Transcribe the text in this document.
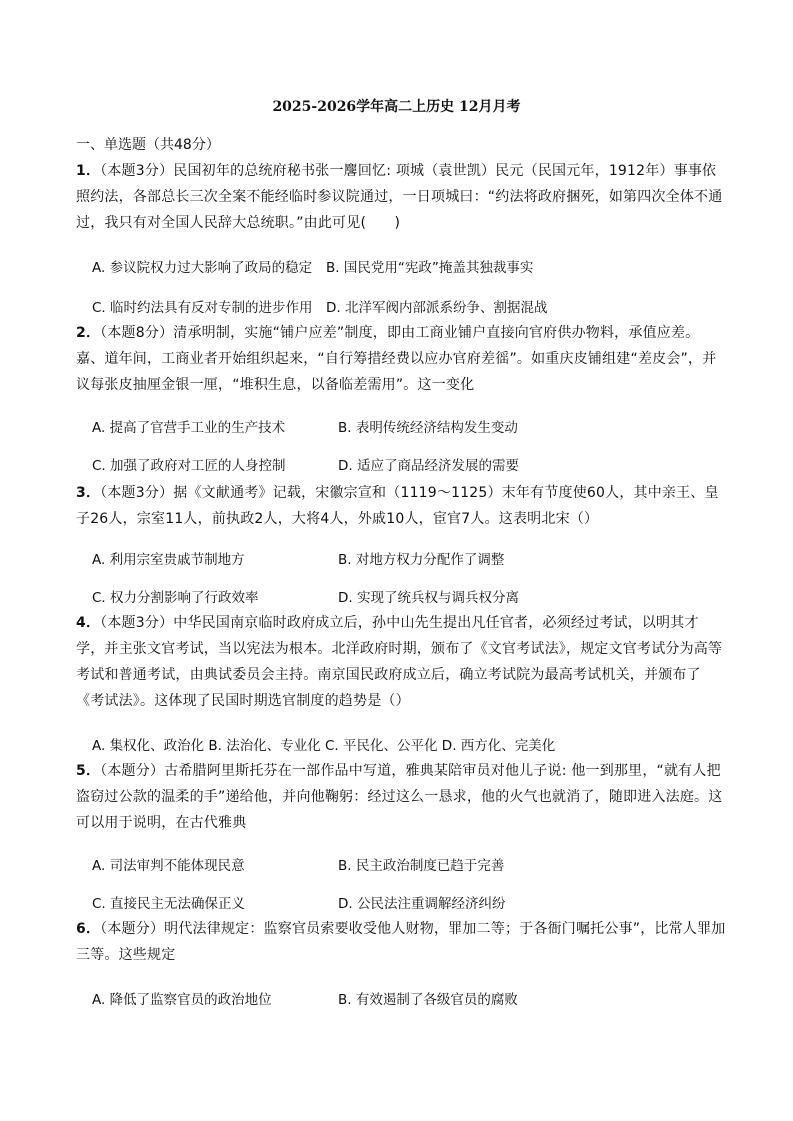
2025-2026学年高二上历史 12月月考
一、单选题（共48分）
1．（本题3分）民国初年的总统府秘书张一麐回忆: 项城（袁世凯）民元（民国元年，1912年）事事依照约法，各部总长三次全案不能经临时参议院通过，一日项城曰：“约法将政府捆死，如第四次全体不通过，我只有对全国人民辞大总统职。”由此可见(　　)
A. 参议院权力过大影响了政局的稳定 B. 国民党用“宪政”掩盖其独裁事实
C. 临时约法具有反对专制的进步作用 D. 北洋军阀内部派系纷争、割据混战
2．（本题8分）清承明制，实施“铺户应差”制度，即由工商业铺户直接向官府供办物料，承值应差。嘉、道年间，工商业者开始组织起来，“自行筹措经费以应办官府差徭”。如重庆皮铺组建“差皮会”，并议每张皮抽厘金银一厘，“堆积生息，以备临差需用”。这一变化
A. 提高了官营手工业的生产技术	B. 表明传统经济结构发生变动
C. 加强了政府对工匠的人身控制	D. 适应了商品经济发展的需要
3．（本题3分）据《文献通考》记载，宋徽宗宣和（1119～1125）末年有节度使60人，其中亲王、皇子26人，宗室11人，前执政2人，大将4人，外戚10人，宦官7人。这表明北宋（）
A. 利用宗室贵戚节制地方	B. 对地方权力分配作了调整
C. 权力分割影响了行政效率	D. 实现了统兵权与调兵权分离
4．（本题3分）中华民国南京临时政府成立后，孙中山先生提出凡任官者，必须经过考试，以明其才学，并主张文官考试，当以宪法为根本。北洋政府时期，颁布了《文官考试法》，规定文官考试分为高等考试和普通考试，由典试委员会主持。南京国民政府成立后，确立考试院为最高考试机关，并颁布了《考试法》。这体现了民国时期选官制度的趋势是（）
A. 集权化、政治化 B. 法治化、专业化 C. 平民化、公平化 D. 西方化、完美化
5．（本题分）古希腊阿里斯托芬在一部作品中写道，雅典某陪审员对他儿子说: 他一到那里，“就有人把盗窃过公款的温柔的手”递给他，并向他鞠躬：经过这么一恳求，他的火气也就消了，随即进入法庭。这可以用于说明，在古代雅典
A. 司法审判不能体现民意	B. 民主政治制度已趋于完善
C. 直接民主无法确保正义	D. 公民法注重调解经济纠纷
6．（本题分）明代法律规定：监察官员索要收受他人财物，罪加二等；于各衙门嘱托公事”，比常人罪加三等。这些规定
A. 降低了监察官员的政治地位	B. 有效遏制了各级官员的腐败
